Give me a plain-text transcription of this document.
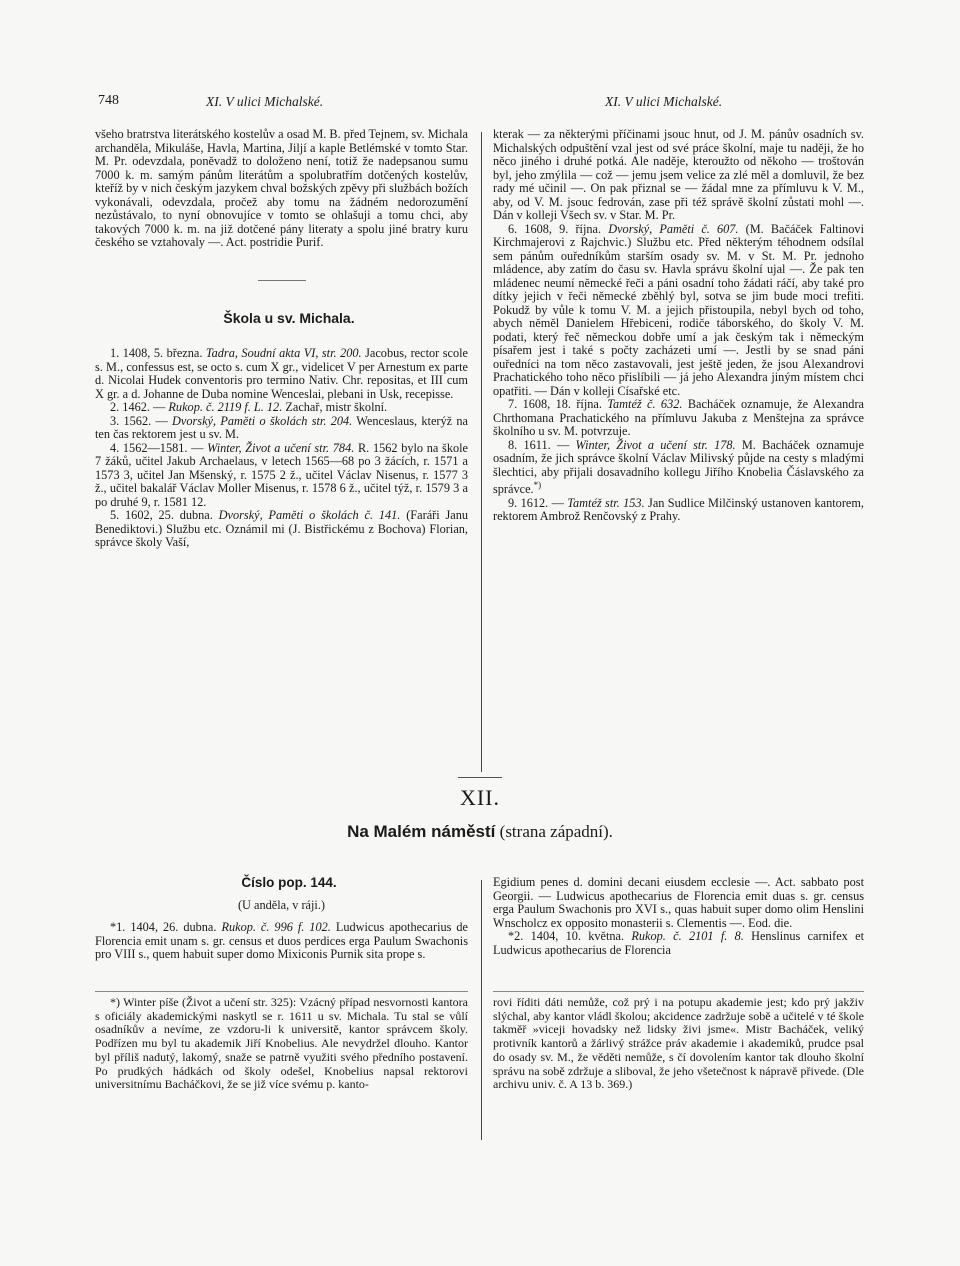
748	XI. V ulici Michalské.	XI. V ulici Michalské.

všeho bratrstva literátského kostelův a osad M. B. před Tejnem, sv. Michala archanděla, Mikuláše, Havla, Martina, Jiljí a kaple Betlémské v tomto Star. M. Pr. odevzdala, poněvadž to doloženo není, totiž že nadepsanou sumu 7000 k. m. samým pánům literátům a spolubratřím dotčených kostelův, kteříž by v nich českým jazykem chval božských zpěvy při službách božích vykonávali, odevzdala, pročež aby tomu na žádném nedorozumění nezůstávalo, to nyní obnovujíce v tomto se ohlašuji a tomu chci, aby takových 7000 k. m. na již dotčené pány literaty a spolu jiné bratry kuru českého se vztahovaly —. Act. postridie Purif.

Škola u sv. Michala.

1. 1408, 5. března. Tadra, Soudní akta VI, str. 200. Jacobus, rector scole s. M., confessus est, se octo s. cum X gr., videlicet V per Arnestum ex parte d. Nicolai Hudek conventoris pro termino Nativ. Chr. repositas, et III cum X gr. a d. Johanne de Duba nomine Wenceslai, plebani in Usk, recepisse.

2. 1462. — Rukop. č. 2119 f. L. 12. Zachař, mistr školní.

3. 1562. — Dvorský, Paměti o školách str. 204. Wenceslaus, kterýž na ten čas rektorem jest u sv. M.

4. 1562—1581. — Winter, Život a učení str. 784. R. 1562 bylo na škole 7 žáků, učitel Jakub Archaelaus, v letech 1565—68 po 3 žácích, r. 1571 a 1573 3, učitel Jan Mšenský, r. 1575 2 ž., učitel Václav Nisenus, r. 1577 3 ž., učitel bakalář Václav Moller Misenus, r. 1578 6 ž., učitel týž, r. 1579 3 a po druhé 9, r. 1581 12.

5. 1602, 25. dubna. Dvorský, Paměti o školách č. 141. (Faráři Janu Benediktovi.) Službu etc. Oznámil mi (J. Bistřickému z Bochova) Florian, správce školy Vaší,

kterak — za některými příčinami jsouc hnut, od J. M. pánův osadních sv. Michalských odpuštění vzal jest od své práce školní, maje tu naději, že ho něco jiného i druhé potká. Ale naděje, kteroužto od někoho — troštován byl, jeho zmýlila — což — jemu jsem velice za zlé měl a domluvil, že bez rady mé učinil —. On pak přiznal se — žádal mne za přímluvu k V. M., aby, od V. M. jsouc fedrován, zase při též správě školní zůstati mohl —. Dán v kolleji Všech sv. v Star. M. Pr.

6. 1608, 9. října. Dvorský, Paměti č. 607. (M. Bačáček Faltinovi Kirchmajerovi z Rajchvic.) Službu etc. Před některým téhodnem odsílal sem pánům ouředníkům starším osady sv. M. v St. M. Pr. jednoho mládence, aby zatím do času sv. Havla správu školní ujal —. Že pak ten mládenec neumí německé řeči a páni osadní toho žádati ráčí, aby také pro dítky jejich v řeči německé zběhlý byl, sotva se jim bude moci trefiti. Pokudž by vůle k tomu V. M. a jejich přistoupila, nebyl bych od toho, abych něměl Danielem Hřebiceni, rodiče táborského, do školy V. M. podati, který řeč německou dobře umí a jak českým tak i německým písařem jest i také s počty zacházeti umí —. Jestli by se snad páni ouředníci na tom něco zastavovali, jest ještě jeden, že jsou Alexandrovi Prachatického toho něco přislíbili — já jeho Alexandra jiným místem chci opatřiti. — Dán v kolleji Císařské etc.

7. 1608, 18. října. Tamtéž č. 632. Bacháček oznamuje, že Alexandra Chrthomana Prachatického na přímluvu Jakuba z Menštejna za správce školního u sv. M. potvrzuje.

8. 1611. — Winter, Život a učení str. 178. M. Bacháček oznamuje osadním, že jich správce školní Václav Milivský půjde na cesty s mladými šlechtici, aby přijali dosavadního kollegu Jiřího Knobelia Čáslavského za správce.*)

9. 1612. — Tamtéž str. 153. Jan Sudlice Milčinský ustanoven kantorem, rektorem Ambrož Renčovský z Prahy.

XII.
Na Malém náměstí (strana západní).

Číslo pop. 144.

(U anděla, v ráji.)

*1. 1404, 26. dubna. Rukop. č. 996 f. 102. Ludwicus apothecarius de Florencia emit unam s. gr. census et duos perdices erga Paulum Swachonis pro VIII s., quem habuit super domo Mixiconis Purnik sita prope s.

*) Winter píše (Život a učení str. 325): Vzácný případ nesvornosti kantora s oficiály akademickými naskytl se r. 1611 u sv. Michala. Tu stal se vůlí osadníkův a nevíme, ze vzdoru-li k universitě, kantor správcem školy. Podřízen mu byl tu akademik Jiří Knobelius. Ale nevydržel dlouho. Kantor byl příliš nadutý, lakomý, snaže se patrně využiti svého předního postavení. Po prudkých hádkách od školy odešel, Knobelius napsal rektorovi universitnímu Bacháčkovi, že se již více svému p. kanto-

Egidium penes d. domini decani eiusdem ecclesie —. Act. sabbato post Georgii. — Ludwicus apothecarius de Florencia emit duas s. gr. census erga Paulum Swachonis pro XVI s., quas habuit super domo olim Henslini Wnscholcz ex opposito monasterii s. Clementis —. Eod. die.

*2. 1404, 10. května. Rukop. č. 2101 f. 8. Henslinus carnifex et Ludwicus apothecarius de Florencia

rovi říditi dáti nemůže, což prý i na potupu akademie jest; kdo prý jakživ slýchal, aby kantor vládl školou; akcidence zadržuje sobě a učitelé v té škole takměř »viceji hovadsky než lidsky živi jsme«. Mistr Bacháček, veliký protivník kantorů a žárlivý strážce práv akademie i akademiků, prudce psal do osady sv. M., že věděti nemůže, s čí dovolením kantor tak dlouho školní správu na sobě zdržuje a sliboval, že jeho všetečnost k nápravě přivede. (Dle archivu univ. č. A 13 b. 369.)
